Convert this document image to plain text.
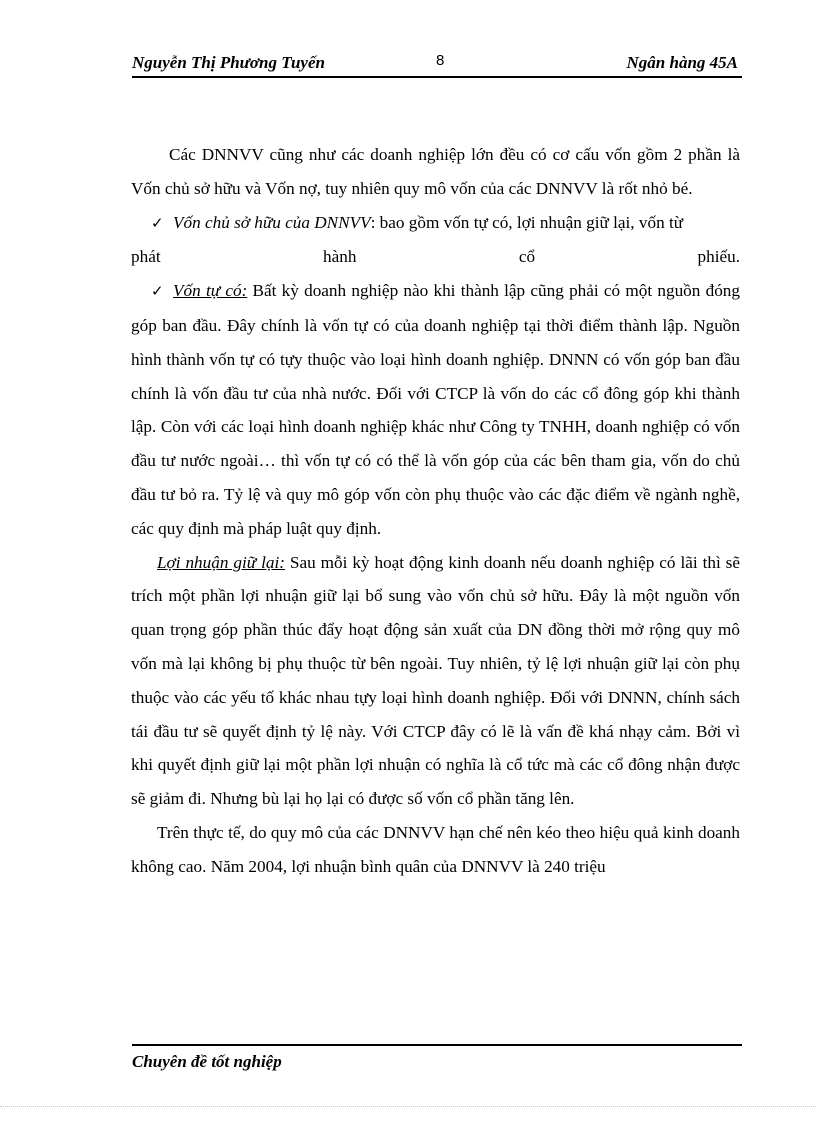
Nguyễn Thị Phương Tuyến	8	Ngân hàng 45A

Các DNNVV cũng như các doanh nghiệp lớn đều có cơ cấu vốn gồm 2 phần là Vốn chủ sở hữu và Vốn nợ, tuy nhiên quy mô vốn của các DNNVV là rốt nhỏ bé.

✓ Vốn chủ sở hữu của DNNVV: bao gồm vốn tự có, lợi nhuận giữ lại, vốn từ

phát hành cổ phiếu.

✓ Vốn tự có: Bất kỳ doanh nghiệp nào khi thành lập cũng phải có một nguồn đóng góp ban đầu. Đây chính là vốn tự có của doanh nghiệp tại thời điểm thành lập. Nguồn hình thành vốn tự có tựy thuộc vào loại hình doanh nghiệp. DNNN có vốn góp ban đầu chính là vốn đầu tư của nhà nước. Đối với CTCP là vốn do các cổ đông góp khi thành lập. Còn với các loại hình doanh nghiệp khác như Công ty TNHH, doanh nghiệp có vốn đầu tư nước ngoài… thì vốn tự có có thể là vốn góp của các bên tham gia, vốn do chủ đầu tư bỏ ra. Tỷ lệ và quy mô góp vốn còn phụ thuộc vào các đặc điểm về ngành nghề, các quy định mà pháp luật quy định.

Lợi nhuận giữ lại: Sau mỗi kỳ hoạt động kinh doanh nếu doanh nghiệp có lãi thì sẽ trích một phần lợi nhuận giữ lại bổ sung vào vốn chủ sở hữu. Đây là một nguồn vốn quan trọng góp phần thúc đẩy hoạt động sản xuất của DN đồng thời mở rộng quy mô vốn mà lại không bị phụ thuộc từ bên ngoài. Tuy nhiên, tỷ lệ lợi nhuận giữ lại còn phụ thuộc vào các yếu tố khác nhau tựy loại hình doanh nghiệp. Đối với DNNN, chính sách tái đầu tư sẽ quyết định tỷ lệ này. Với CTCP đây có lẽ là vấn đề khá nhạy cảm. Bởi vì khi quyết định giữ lại một phần lợi nhuận có nghĩa là cổ tức mà các cổ đông nhận được sẽ giảm đi. Nhưng bù lại họ lại có được số vốn cổ phần tăng lên.

Trên thực tế, do quy mô của các DNNVV hạn chế nên kéo theo hiệu quả kinh doanh không cao. Năm 2004, lợi nhuận bình quân của DNNVV là 240 triệu

Chuyên đề tốt nghiệp
